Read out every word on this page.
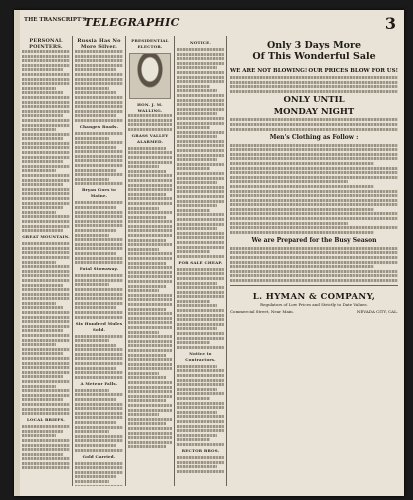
THE TRANSCRIPT'S
TELEGRAPHIC	3
PERSONAL POINTERS.
GREAT MOUNTAIN.
LOCAL BRIEFS.
Russia Has No More Silver.
Changes Roads.
Bryan Goes to Maine.
Fatal Stowaway.
Six Hundred Mules Sold.
A Meteor Falls.
Gold Carried.
PRESIDENTIAL ELECTOR.
HON. J. M. WALLING.
GRASS VALLEY ALARMED.
NOTICE.
FOR SALE CHEAP.
Notice to Contractors.
RECTOR BROS.
Only 3 Days More
Of This Wonderful Sale
WE ARE NOT BLOWING! OUR PRICES BLOW FOR US!
ONLY UNTIL
MONDAY NIGHT
Men's Clothing as Follow :
We are Prepared for the Busy Season
L. HYMAN & COMPANY,
Regulators of Low Prices and Strictly to Date Values.
Commercial Street, Near Main.	NEVADA CITY, CAL.
